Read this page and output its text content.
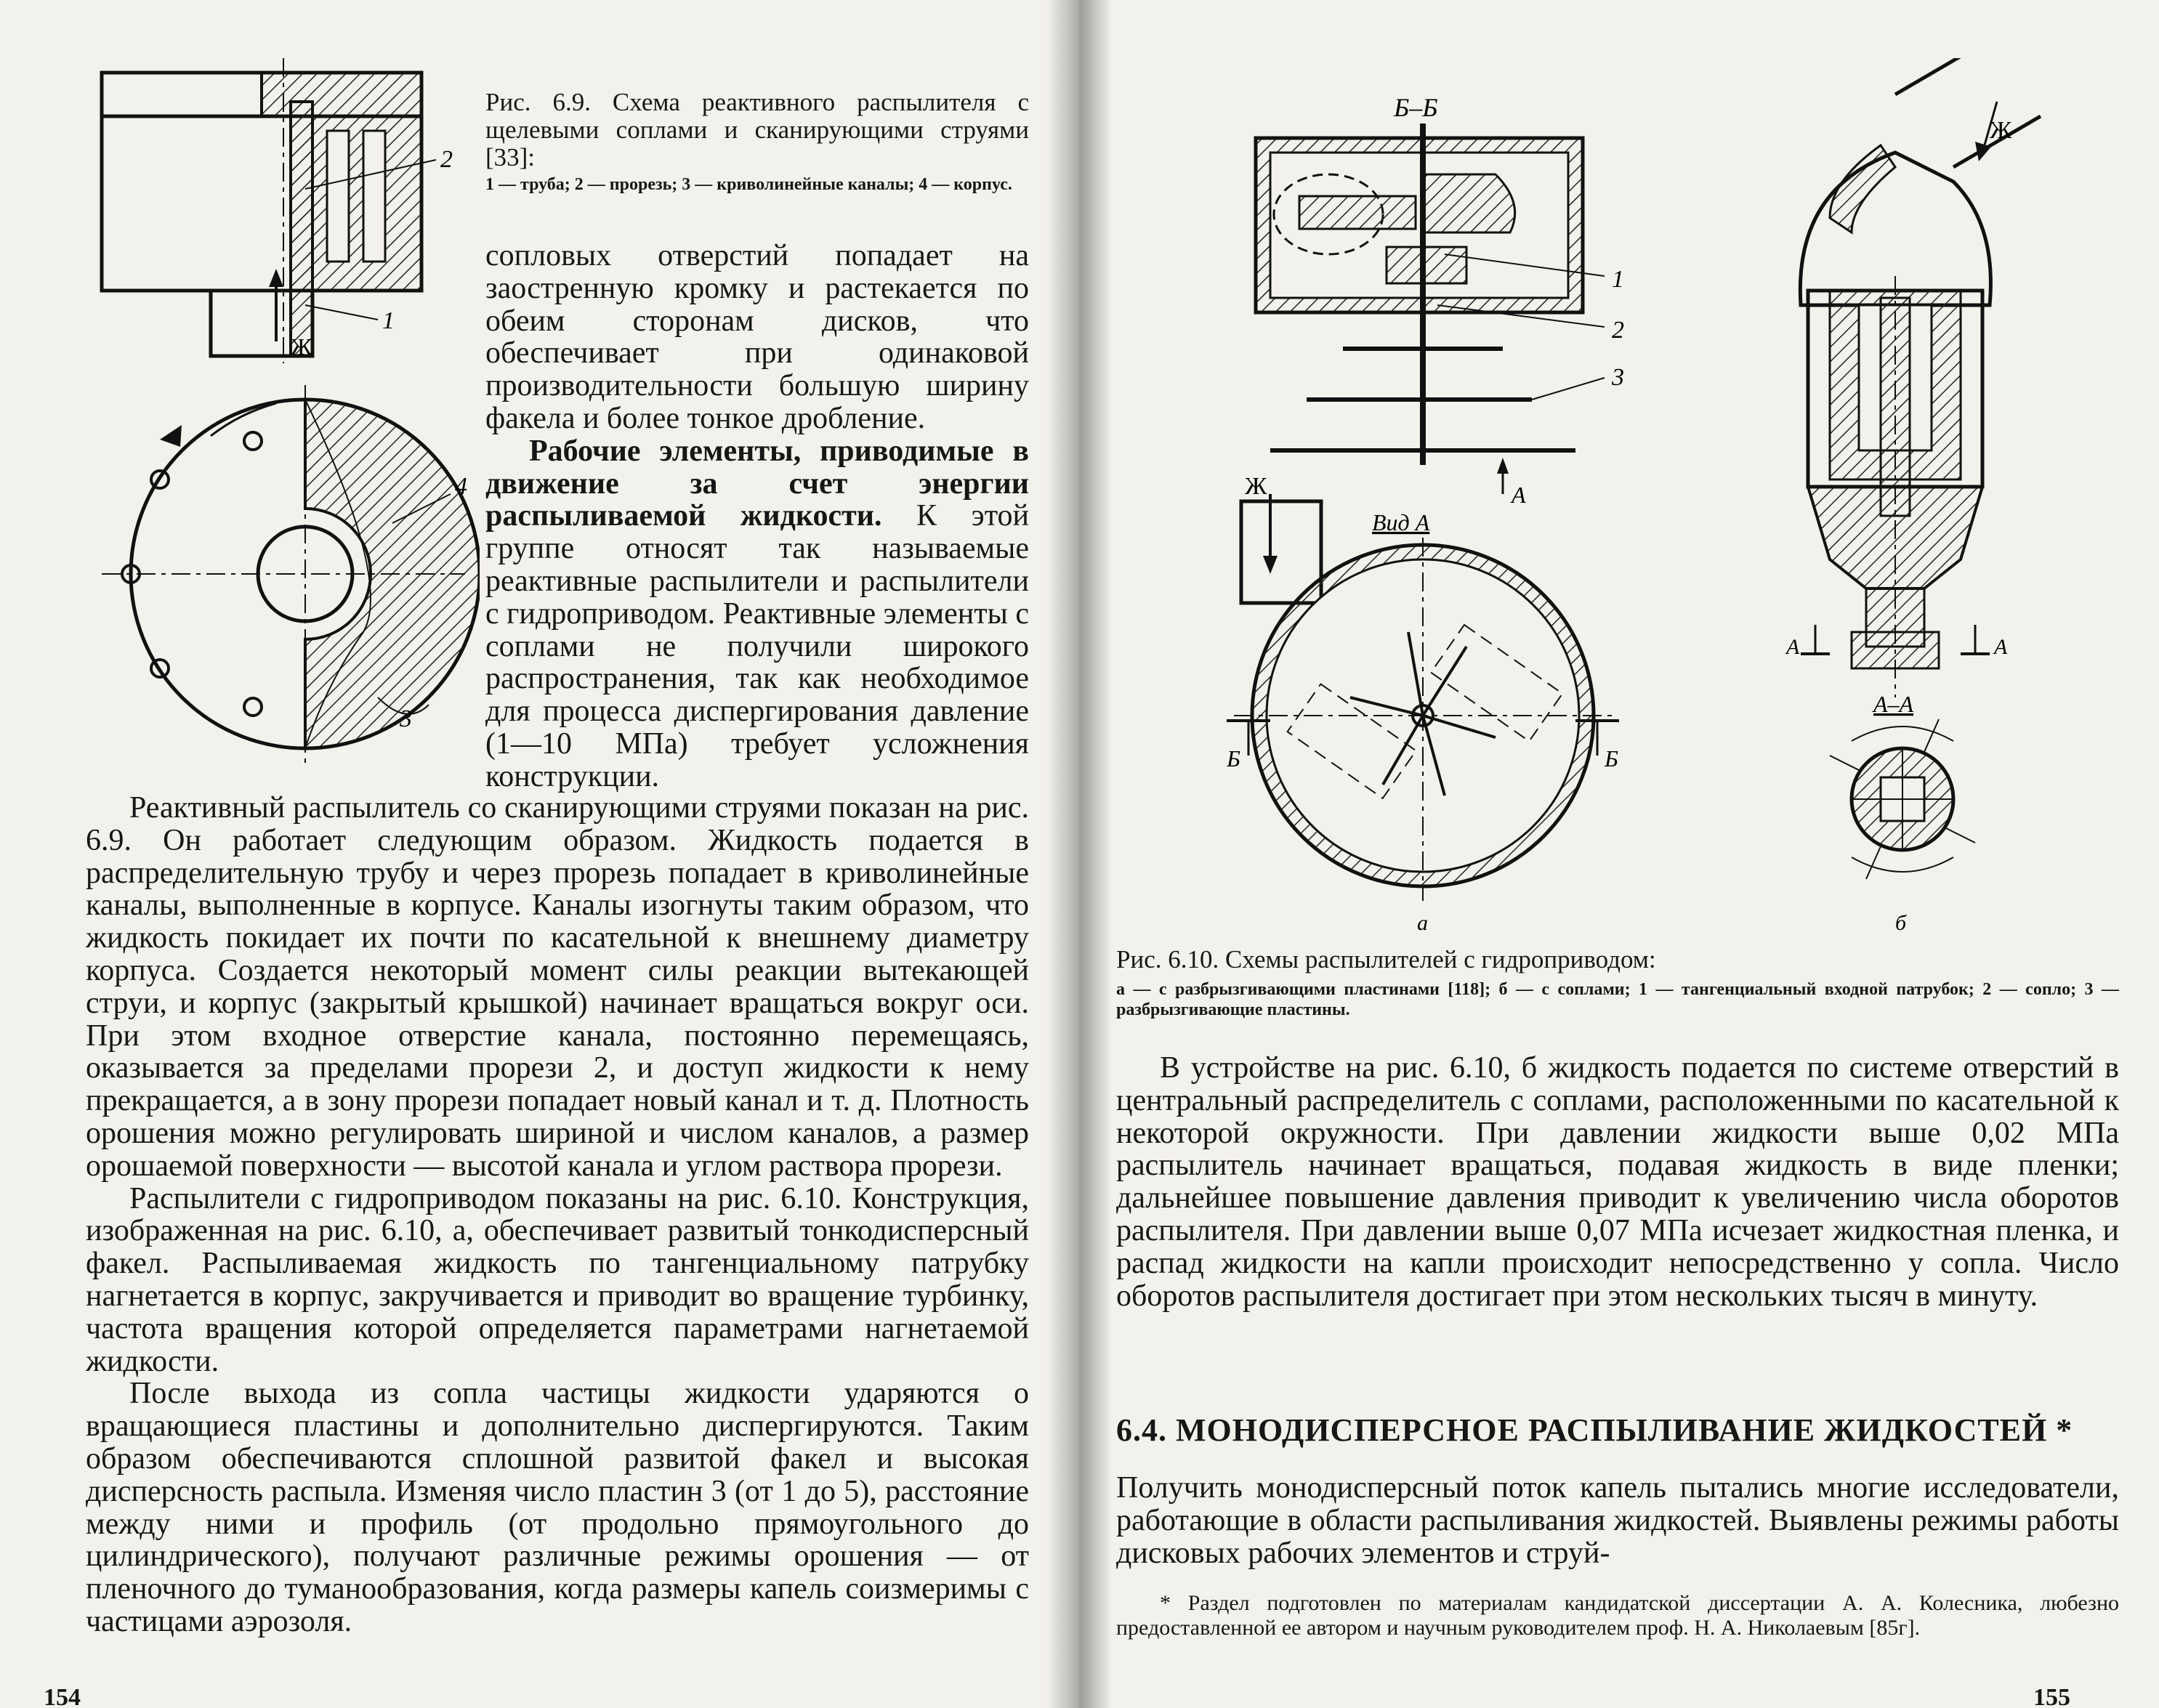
2
1
Ж
4
3
Рис. 6.9. Схема реактивного распылителя с щелевыми соплами и сканирующими струями [33]:
1 — труба; 2 — прорезь; 3 — криволинейные каналы; 4 — корпус.

сопловых отверстий попадает на заостренную кромку и растекается по обеим сторонам дисков, что обеспечивает при одинаковой производительности большую ширину факела и более тонкое дробление.

Рабочие элементы, приводимые в движение за счет энергии распыливаемой жидкости. К этой группе относят так называемые реактивные распылители и распылители с гидроприводом. Реактивные элементы с соплами не получили широкого распространения, так как необходимое для процесса диспергирования давление (1—10 МПа) требует усложнения конструкции.

Реактивный распылитель со сканирующими струями показан на рис. 6.9. Он работает следующим образом. Жидкость подается в распределительную трубу и через прорезь попадает в криволинейные каналы, выполненные в корпусе. Каналы изогнуты таким образом, что жидкость покидает их почти по касательной к внешнему диаметру корпуса. Создается некоторый момент силы реакции вытекающей струи, и корпус (закрытый крышкой) начинает вращаться вокруг оси. При этом входное отверстие канала, постоянно перемещаясь, оказывается за пределами прорези 2, и доступ жидкости к нему прекращается, а в зону прорези попадает новый канал и т. д. Плотность орошения можно регулировать шириной и числом каналов, а размер орошаемой поверхности — высотой канала и углом раствора прорези.

Распылители с гидроприводом показаны на рис. 6.10. Конструкция, изображенная на рис. 6.10, а, обеспечивает развитый тонкодисперсный факел. Распыливаемая жидкость по тангенциальному патрубку нагнетается в корпус, закручивается и приводит во вращение турбинку, частота вращения которой определяется параметрами нагнетаемой жидкости.

После выхода из сопла частицы жидкости ударяются о вращающиеся пластины и дополнительно диспергируются. Таким образом обеспечиваются сплошной развитой факел и высокая дисперсность распыла. Изменяя число пластин 3 (от 1 до 5), расстояние между ними и профиль (от продольно прямоугольного до цилиндрического), получают различные режимы орошения — от пленочного до туманообразования, когда размеры капель соизмеримы с частицами аэрозоля.

154
Б–Б
1
2
3
Ж	А
Вид А
Б	Б
а
Ж
А	А
А–А
б
Рис. 6.10. Схемы распылителей с гидроприводом:
а — с разбрызгивающими пластинами [118]; б — с соплами; 1 — тангенциальный входной патрубок; 2 — сопло; 3 — разбрызгивающие пластины.

В устройстве на рис. 6.10, б жидкость подается по системе отверстий в центральный распределитель с соплами, расположенными по касательной к некоторой окружности. При давлении жидкости выше 0,02 МПа распылитель начинает вращаться, подавая жидкость в виде пленки; дальнейшее повышение давления приводит к увеличению числа оборотов распылителя. При давлении выше 0,07 МПа исчезает жидкостная пленка, и распад жидкости на капли происходит непосредственно у сопла. Число оборотов распылителя достигает при этом нескольких тысяч в минуту.

6.4. МОНОДИСПЕРСНОЕ РАСПЫЛИВАНИЕ ЖИДКОСТЕЙ *

Получить монодисперсный поток капель пытались многие исследователи, работающие в области распыливания жидкостей. Выявлены режимы работы дисковых рабочих элементов и струй-

* Раздел подготовлен по материалам кандидатской диссертации А. А. Колесника, любезно предоставленной ее автором и научным руководителем проф. Н. А. Николаевым [85г].
155
